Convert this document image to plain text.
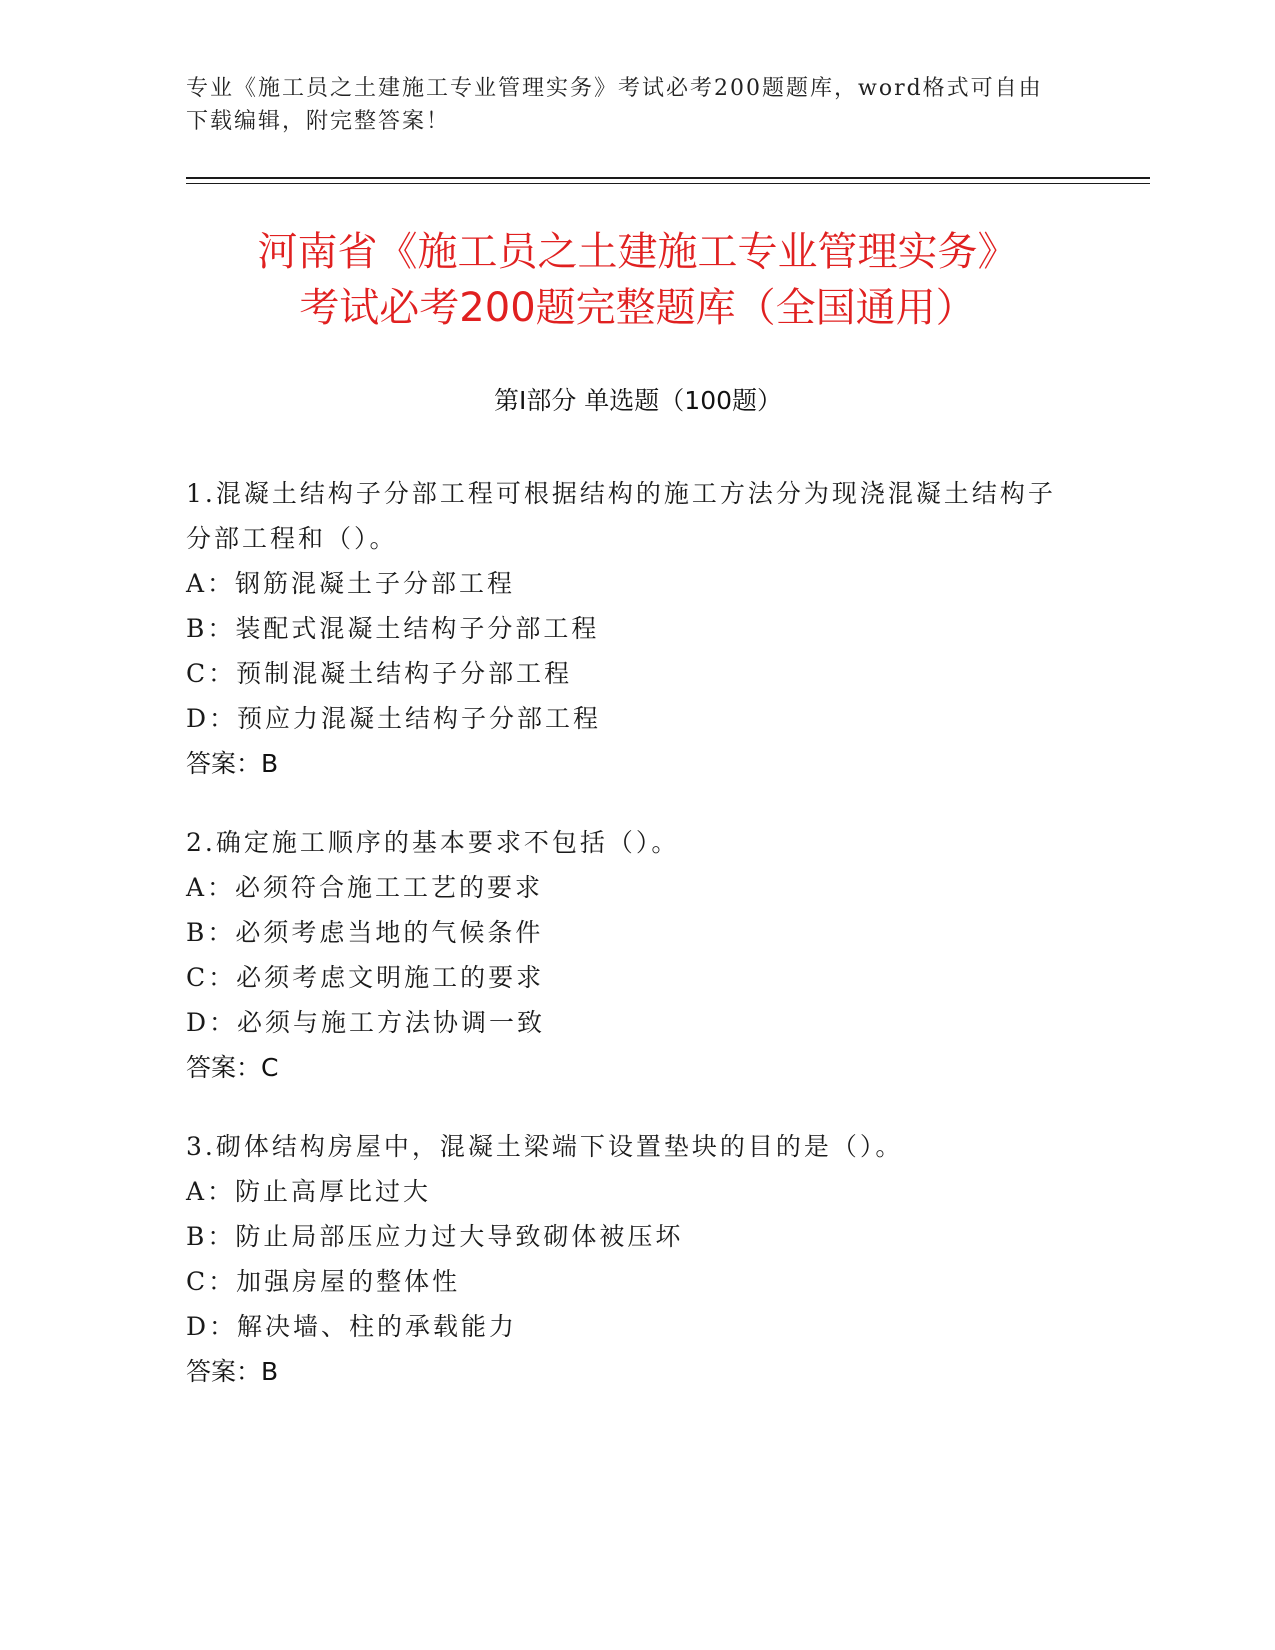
专业《施工员之土建施工专业管理实务》考试必考200题题库，word格式可自由下载编辑，附完整答案！
河南省《施工员之土建施工专业管理实务》
考试必考200题完整题库（全国通用）
第Ⅰ部分 单选题（100题）
1.混凝土结构子分部工程可根据结构的施工方法分为现浇混凝土结构子分部工程和（）。
A：钢筋混凝土子分部工程
B：装配式混凝土结构子分部工程
C：预制混凝土结构子分部工程
D：预应力混凝土结构子分部工程
答案：B
2.确定施工顺序的基本要求不包括（）。
A：必须符合施工工艺的要求
B：必须考虑当地的气候条件
C：必须考虑文明施工的要求
D：必须与施工方法协调一致
答案：C
3.砌体结构房屋中，混凝土梁端下设置垫块的目的是（）。
A：防止高厚比过大
B：防止局部压应力过大导致砌体被压坏
C：加强房屋的整体性
D：解决墙、柱的承载能力
答案：B
